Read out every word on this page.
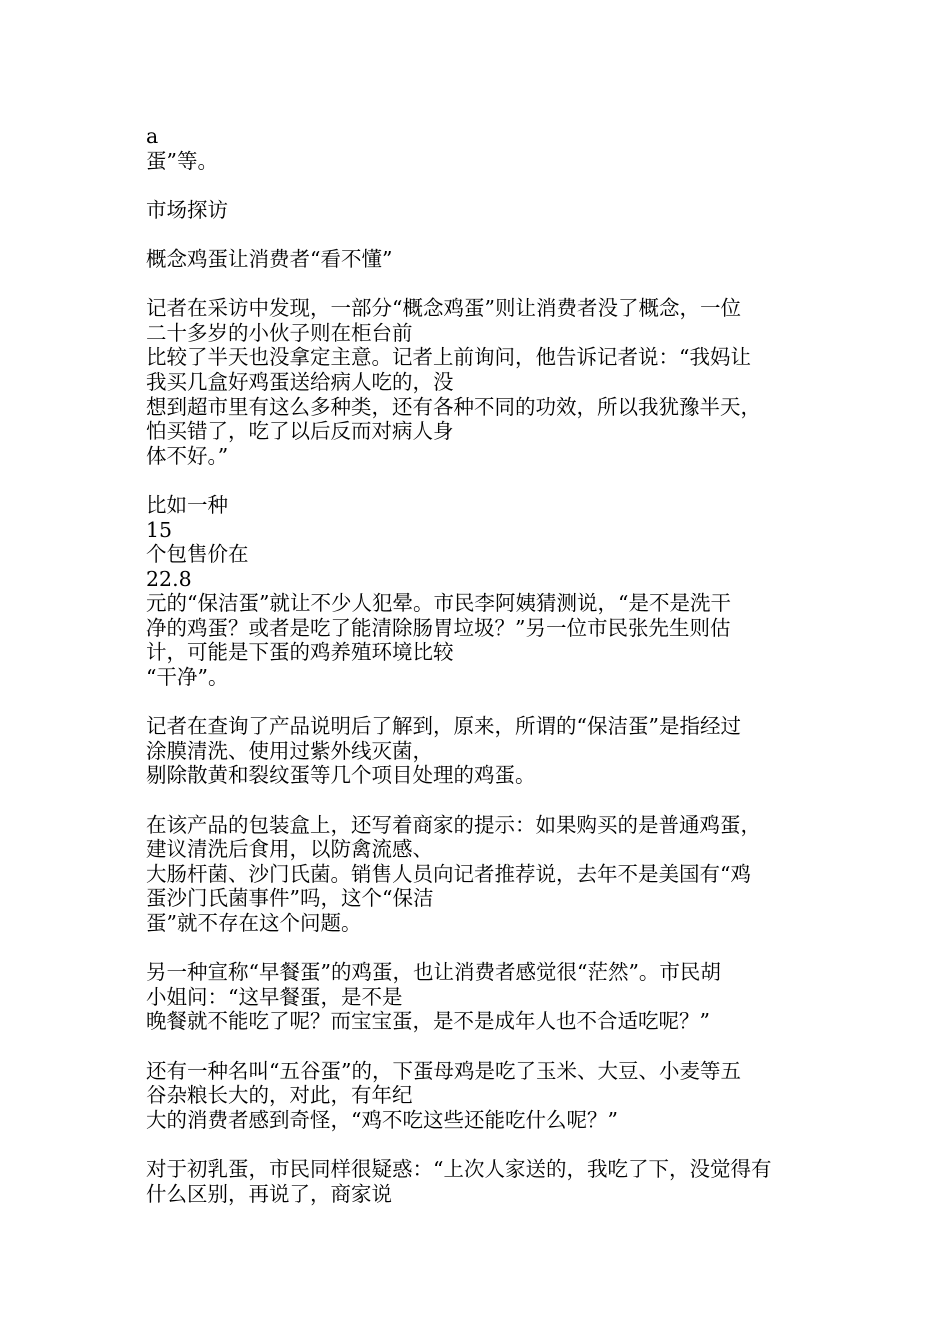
a
蛋”等。
市场探访
概念鸡蛋让消费者“看不懂”
记者在采访中发现，一部分“概念鸡蛋”则让消费者没了概念，一位
二十多岁的小伙子则在柜台前
比较了半天也没拿定主意。记者上前询问，他告诉记者说：“我妈让
我买几盒好鸡蛋送给病人吃的，没
想到超市里有这么多种类，还有各种不同的功效，所以我犹豫半天，
怕买错了，吃了以后反而对病人身
体不好。”
比如一种
15
个包售价在
22.8
元的“保洁蛋”就让不少人犯晕。市民李阿姨猜测说，“是不是洗干
净的鸡蛋？或者是吃了能清除肠胃垃圾？”另一位市民张先生则估
计，可能是下蛋的鸡养殖环境比较
“干净”。
记者在查询了产品说明后了解到，原来，所谓的“保洁蛋”是指经过
涂膜清洗、使用过紫外线灭菌，
剔除散黄和裂纹蛋等几个项目处理的鸡蛋。
在该产品的包装盒上，还写着商家的提示：如果购买的是普通鸡蛋，
建议清洗后食用，以防禽流感、
大肠杆菌、沙门氏菌。销售人员向记者推荐说，去年不是美国有“鸡
蛋沙门氏菌事件”吗，这个“保洁
蛋”就不存在这个问题。
另一种宣称“早餐蛋”的鸡蛋，也让消费者感觉很“茫然”。市民胡
小姐问：“这早餐蛋，是不是
晚餐就不能吃了呢？而宝宝蛋，是不是成年人也不合适吃呢？”
还有一种名叫“五谷蛋”的，下蛋母鸡是吃了玉米、大豆、小麦等五
谷杂粮长大的，对此，有年纪
大的消费者感到奇怪，“鸡不吃这些还能吃什么呢？”
对于初乳蛋，市民同样很疑惑：“上次人家送的，我吃了下，没觉得有
什么区别，再说了，商家说
